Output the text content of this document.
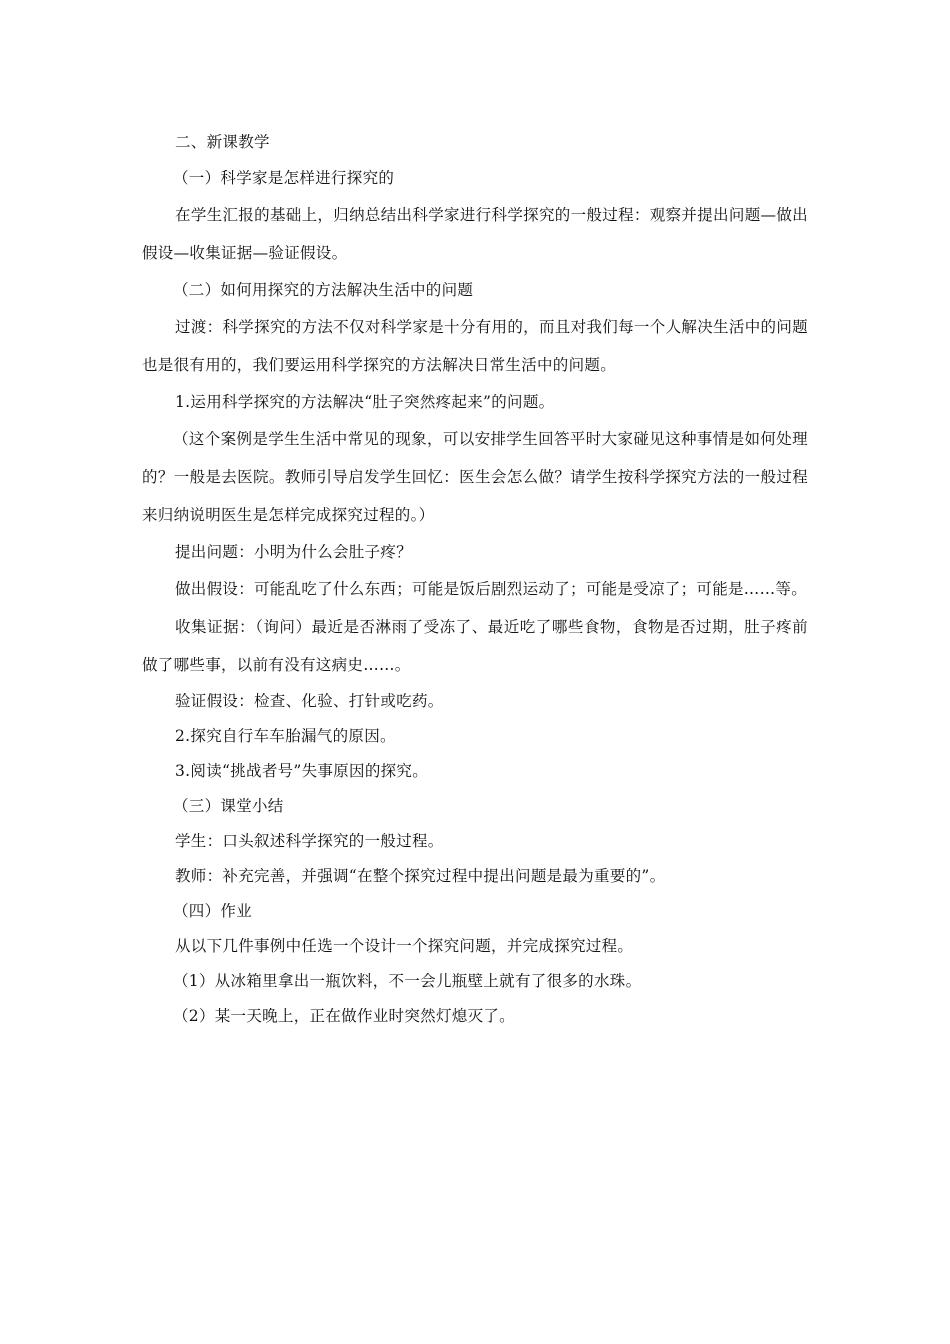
二、新课教学

（一）科学家是怎样进行探究的

在学生汇报的基础上，归纳总结出科学家进行科学探究的一般过程：观察并提出问题—做出假设—收集证据—验证假设。

（二）如何用探究的方法解决生活中的问题

过渡：科学探究的方法不仅对科学家是十分有用的，而且对我们每一个人解决生活中的问题也是很有用的，我们要运用科学探究的方法解决日常生活中的问题。

1.运用科学探究的方法解决“肚子突然疼起来”的问题。

（这个案例是学生生活中常见的现象，可以安排学生回答平时大家碰见这种事情是如何处理的？一般是去医院。教师引导启发学生回忆：医生会怎么做？请学生按科学探究方法的一般过程来归纳说明医生是怎样完成探究过程的。）

提出问题：小明为什么会肚子疼？

做出假设：可能乱吃了什么东西；可能是饭后剧烈运动了；可能是受凉了；可能是……等。

收集证据：（询问）最近是否淋雨了受冻了、最近吃了哪些食物，食物是否过期，肚子疼前做了哪些事，以前有没有这病史……。

验证假设：检查、化验、打针或吃药。

2.探究自行车车胎漏气的原因。

3.阅读“挑战者号”失事原因的探究。

（三）课堂小结

学生：口头叙述科学探究的一般过程。

教师：补充完善，并强调“在整个探究过程中提出问题是最为重要的”。

（四）作业

从以下几件事例中任选一个设计一个探究问题，并完成探究过程。

（1）从冰箱里拿出一瓶饮料，不一会儿瓶壁上就有了很多的水珠。

（2）某一天晚上，正在做作业时突然灯熄灭了。
